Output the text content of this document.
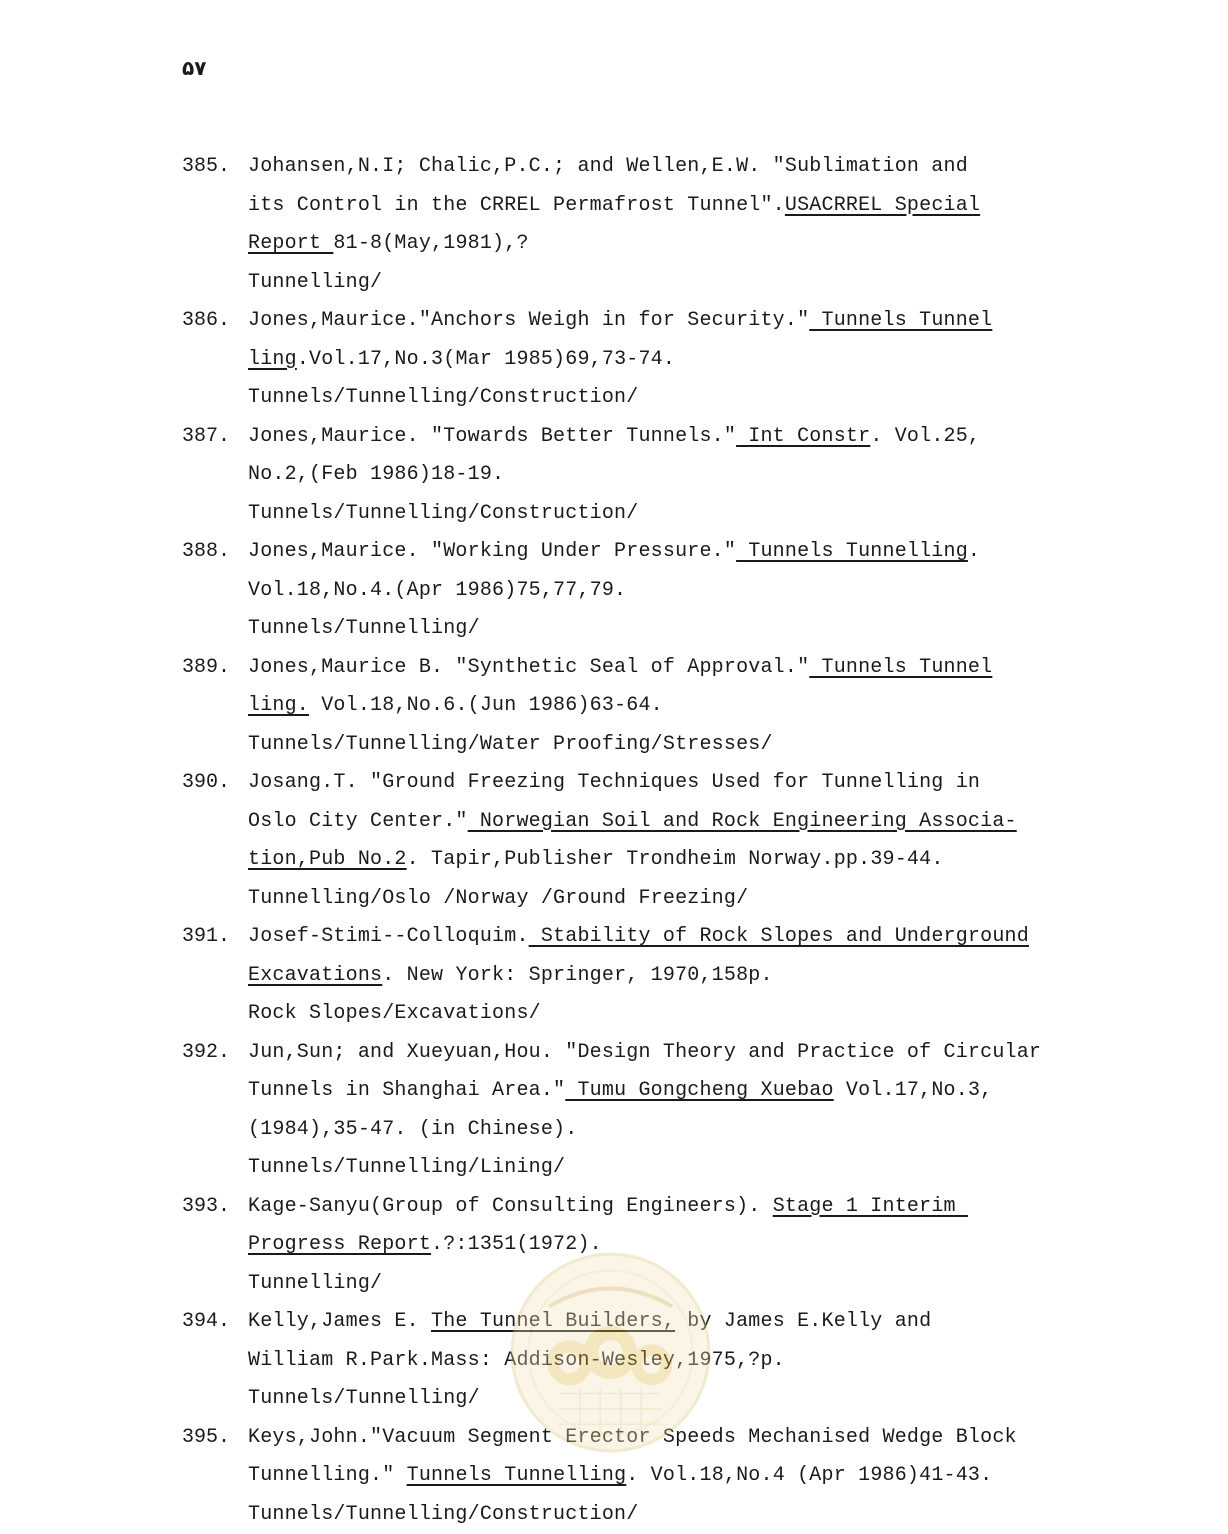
۵۷
385. Johansen,N.I; Chalic,P.C.; and Wellen,E.W. "Sublimation and
its Control in the CRREL Permafrost Tunnel".USACRREL Special
Report 81-8(May,1981),?
Tunnelling/
386. Jones,Maurice."Anchors Weigh in for Security." Tunnels Tunnel
ling.Vol.17,No.3(Mar 1985)69,73-74.
Tunnels/Tunnelling/Construction/
387. Jones,Maurice. "Towards Better Tunnels." Int Constr. Vol.25,
No.2,(Feb 1986)18-19.
Tunnels/Tunnelling/Construction/
388. Jones,Maurice. "Working Under Pressure." Tunnels Tunnelling.
Vol.18,No.4.(Apr 1986)75,77,79.
Tunnels/Tunnelling/
389. Jones,Maurice B. "Synthetic Seal of Approval." Tunnels Tunnel
ling. Vol.18,No.6.(Jun 1986)63-64.
Tunnels/Tunnelling/Water Proofing/Stresses/
390. Josang.T. "Ground Freezing Techniques Used for Tunnelling in
Oslo City Center." Norwegian Soil and Rock Engineering Associa-
tion,Pub No.2. Tapir,Publisher Trondheim Norway.pp.39-44.
Tunnelling/Oslo /Norway /Ground Freezing/
391. Josef-Stimi--Colloquim. Stability of Rock Slopes and Underground
Excavations. New York: Springer, 1970,158p.
Rock Slopes/Excavations/
392. Jun,Sun; and Xueyuan,Hou. "Design Theory and Practice of Circular
Tunnels in Shanghai Area." Tumu Gongcheng Xuebao Vol.17,No.3,
(1984),35-47. (in Chinese).
Tunnels/Tunnelling/Lining/
393. Kage-Sanyu(Group of Consulting Engineers). Stage 1 Interim
Progress Report.?:1351(1972).
Tunnelling/
394. Kelly,James E. The Tunnel Builders, by James E.Kelly and
William R.Park.Mass: Addison-Wesley,1975,?p.
Tunnels/Tunnelling/
395. Keys,John."Vacuum Segment Erector Speeds Mechanised Wedge Block
Tunnelling." Tunnels Tunnelling. Vol.18,No.4 (Apr 1986)41-43.
Tunnels/Tunnelling/Construction/
